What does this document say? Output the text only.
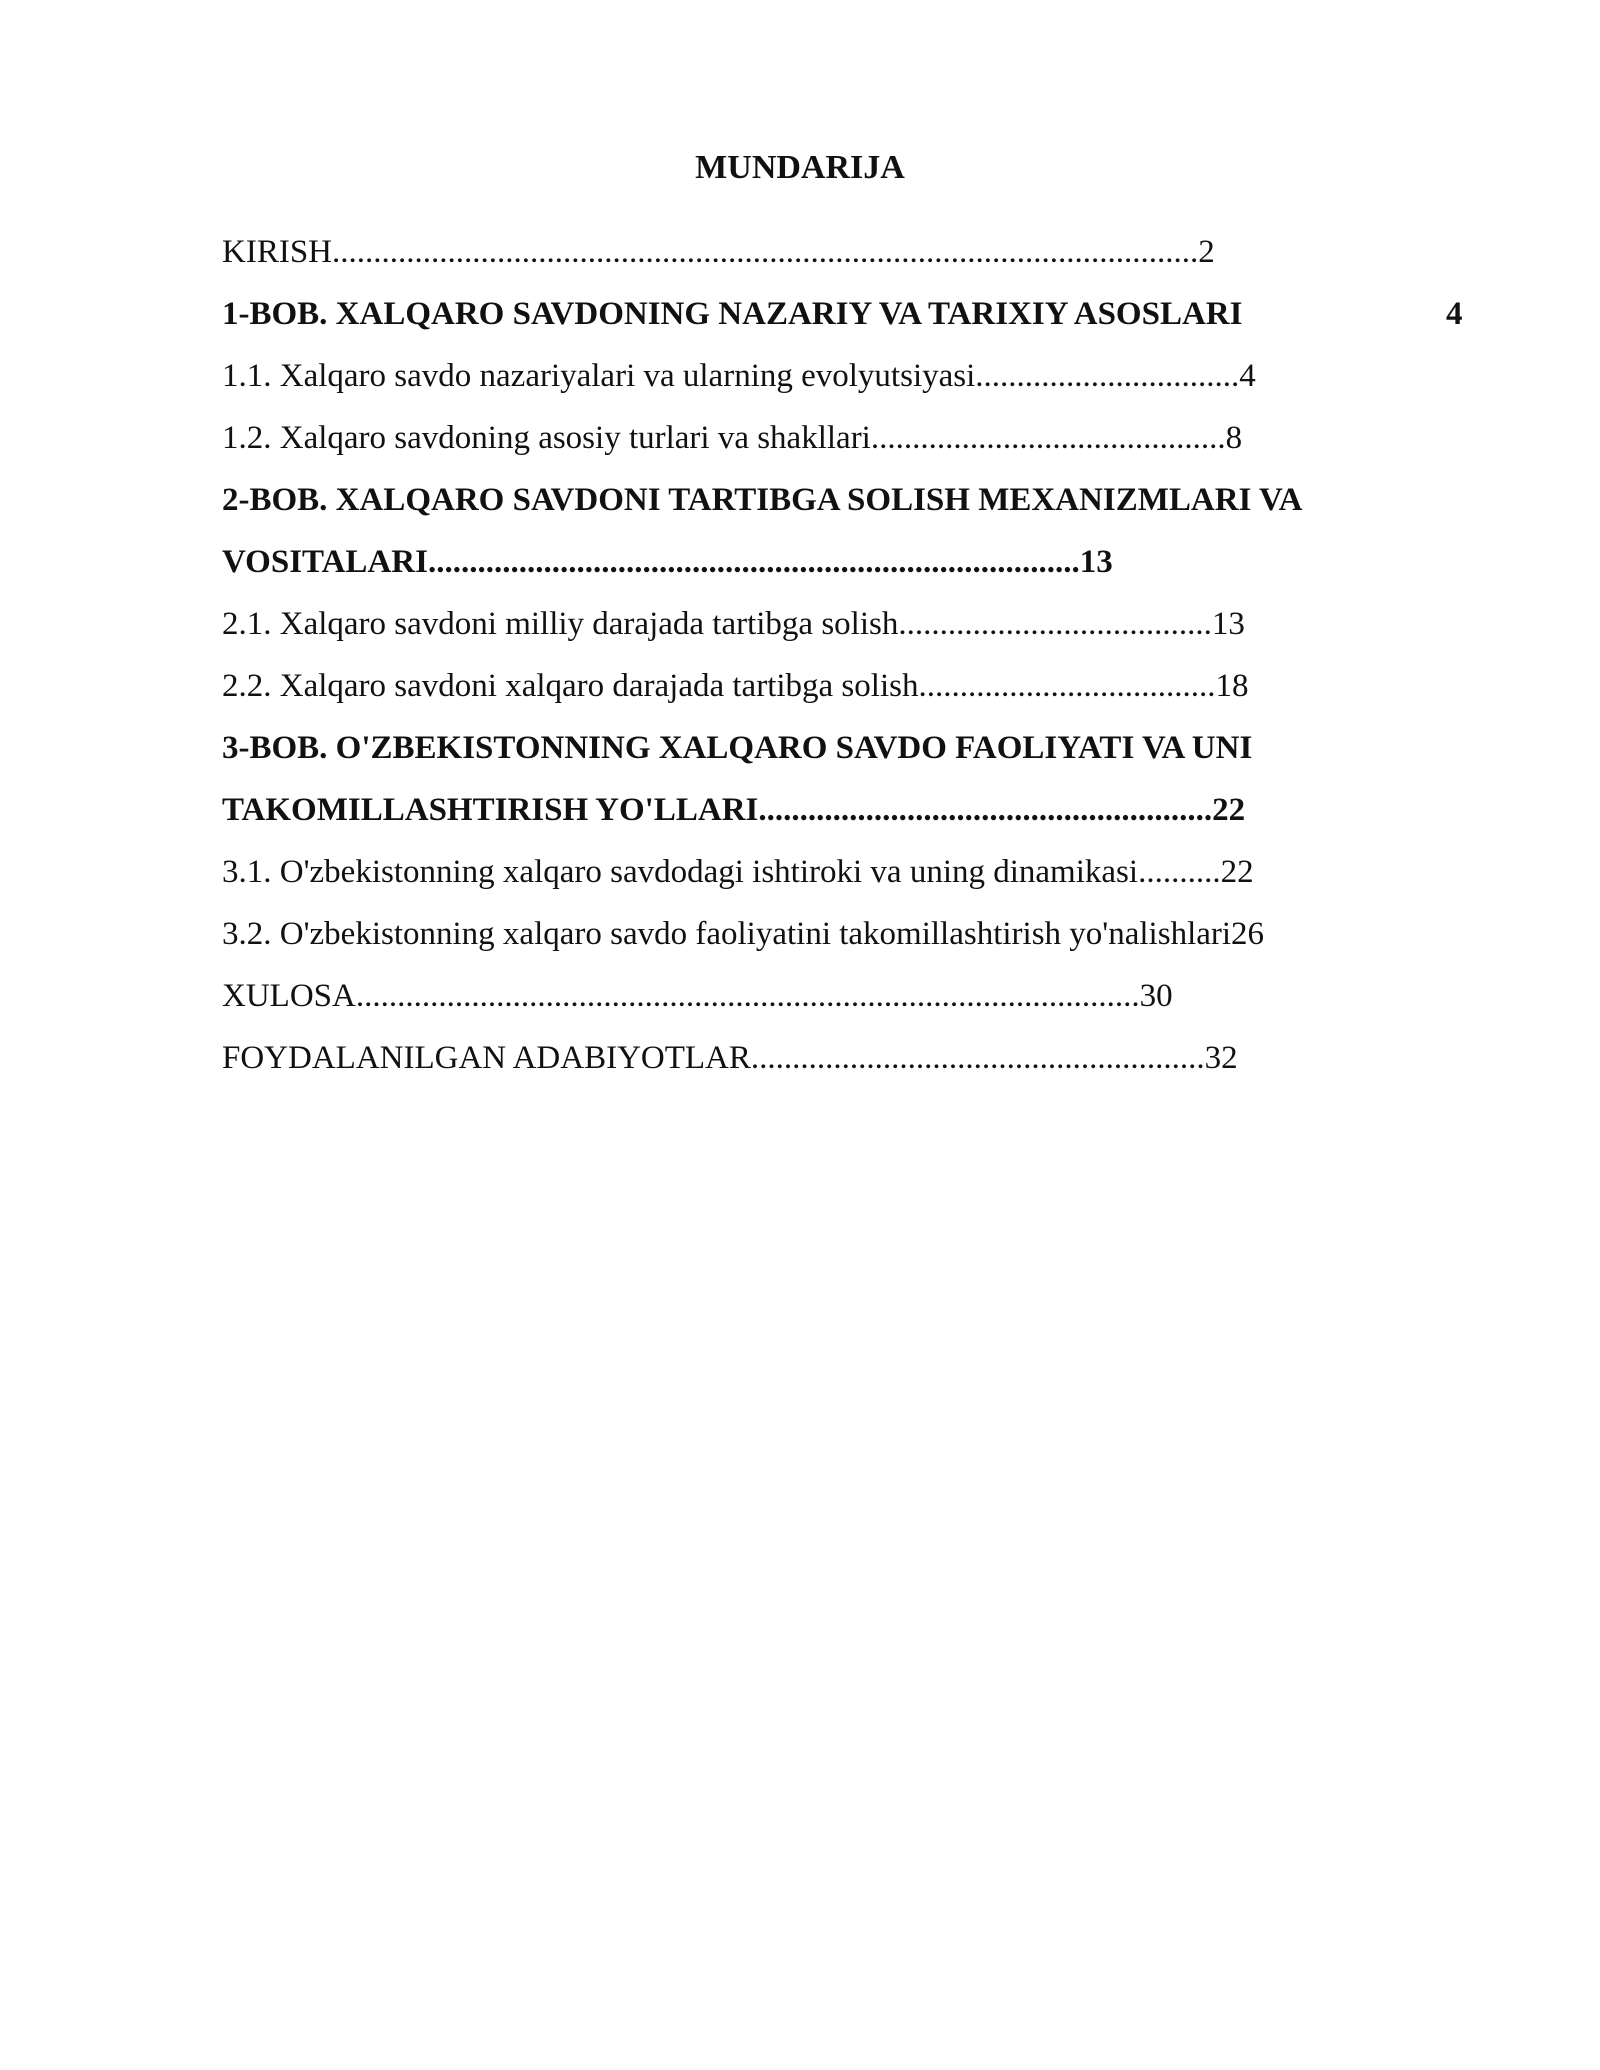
MUNDARIJA
KIRISH.........................................................................................................2
1-BOB. XALQARO SAVDONING NAZARIY VA TARIXIY ASOSLARI	4
1.1. Xalqaro savdo nazariyalari va ularning evolyutsiyasi................................4
1.2. Xalqaro savdoning asosiy turlari va shakllari...........................................8
2-BOB. XALQARO SAVDONI TARTIBGA SOLISH MEXANIZMLARI VA
VOSITALARI...............................................................................13
2.1. Xalqaro savdoni milliy darajada tartibga solish......................................13
2.2. Xalqaro savdoni xalqaro darajada tartibga solish....................................18
3-BOB. O'ZBEKISTONNING XALQARO SAVDO FAOLIYATI VA UNI
TAKOMILLASHTIRISH YO'LLARI.......................................................22
3.1. O'zbekistonning xalqaro savdodagi ishtiroki va uning dinamikasi..........22
3.2. O'zbekistonning xalqaro savdo faoliyatini takomillashtirish yo'nalishlari26
XULOSA...............................................................................................30
FOYDALANILGAN ADABIYOTLAR.......................................................32
